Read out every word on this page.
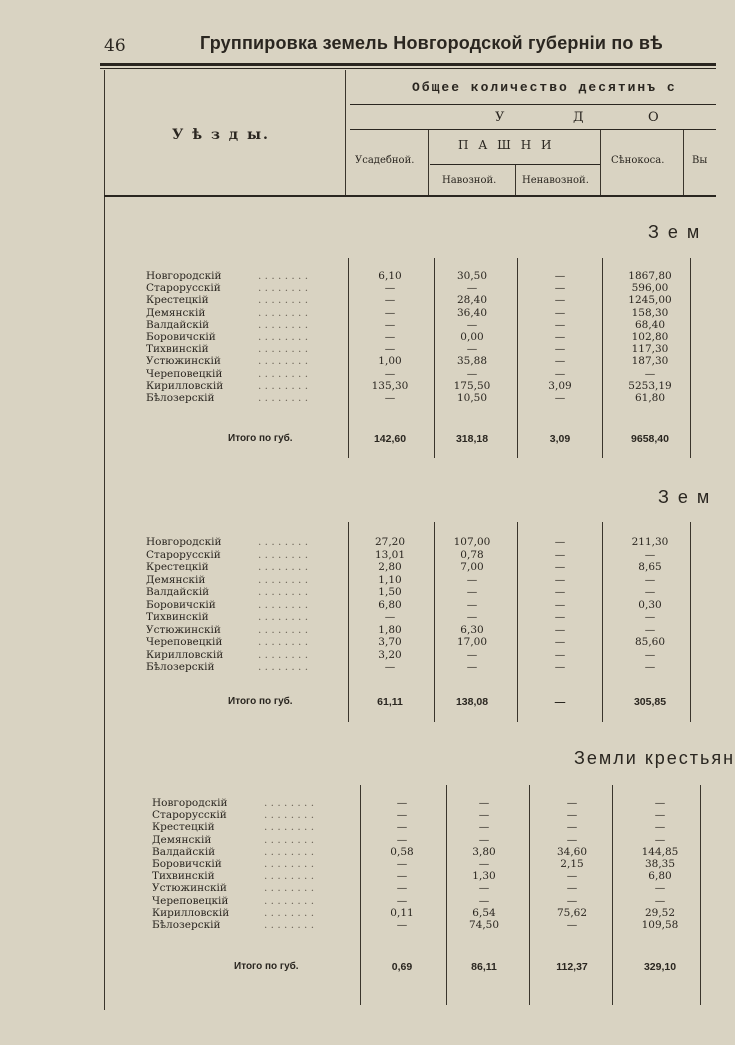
46	Группировка земель Новгородской губерніи по вѣ
У ѣ з д ы.
Общее количество десятинъ с
У	Д	О
Усадебной.
П А Ш Н И
Навозной.	Ненавозной.
Сѣнокоса.	Вы
З е м
Новгородскій	. . . . . . . .	6,10	30,50	—	1867,80
Старорусскій	. . . . . . . .	—	—	—	596,00
Крестецкій	. . . . . . . .	—	28,40	—	1245,00
Демянскій	. . . . . . . .	—	36,40	—	158,30
Валдайскій	. . . . . . . .	—	—	—	68,40
Боровичскій	. . . . . . . .	—	0,00	—	102,80
Тихвинскій	. . . . . . . .	—	—	—	117,30
Устюжинскій	. . . . . . . .	1,00	35,88	—	187,30
Череповецкій	. . . . . . . .	—	—	—	—
Кирилловскій	. . . . . . . .	135,30	175,50	3,09	5253,19
Бѣлозерскій	. . . . . . . .	—	10,50	—	61,80
Итого по губ.	142,60	318,18	3,09	9658,40
З е м
Новгородскій	. . . . . . . .	27,20	107,00	—	211,30
Старорусскій	. . . . . . . .	13,01	0,78	—	—
Крестецкій	. . . . . . . .	2,80	7,00	—	8,65
Демянскій	. . . . . . . .	1,10	—	—	—
Валдайскій	. . . . . . . .	1,50	—	—	—
Боровичскій	. . . . . . . .	6,80	—	—	0,30
Тихвинскій	. . . . . . . .	—	—	—	—
Устюжинскій	. . . . . . . .	1,80	6,30	—	—
Череповецкій	. . . . . . . .	3,70	17,00	—	85,60
Кирилловскій	. . . . . . . .	3,20	—	—	—
Бѣлозерскій	. . . . . . . .	—	—	—	—
Итого по губ.	61,11	138,08	—	305,85
Земли крестьян
Новгородскій	. . . . . . . .	—	—	—	—
Старорусскій	. . . . . . . .	—	—	—	—
Крестецкій	. . . . . . . .	—	—	—	—
Демянскій	. . . . . . . .	—	—	—	—
Валдайскій	. . . . . . . .	0,58	3,80	34,60	144,85
Боровичскій	. . . . . . . .	—	—	2,15	38,35
Тихвинскій	. . . . . . . .	—	1,30	—	6,80
Устюжинскій	. . . . . . . .	—	—	—	—
Череповецкій	. . . . . . . .	—	—	—	—
Кирилловскій	. . . . . . . .	0,11	6,54	75,62	29,52
Бѣлозерскій	. . . . . . . .	—	74,50	—	109,58
Итого по губ.	0,69	86,11	112,37	329,10
